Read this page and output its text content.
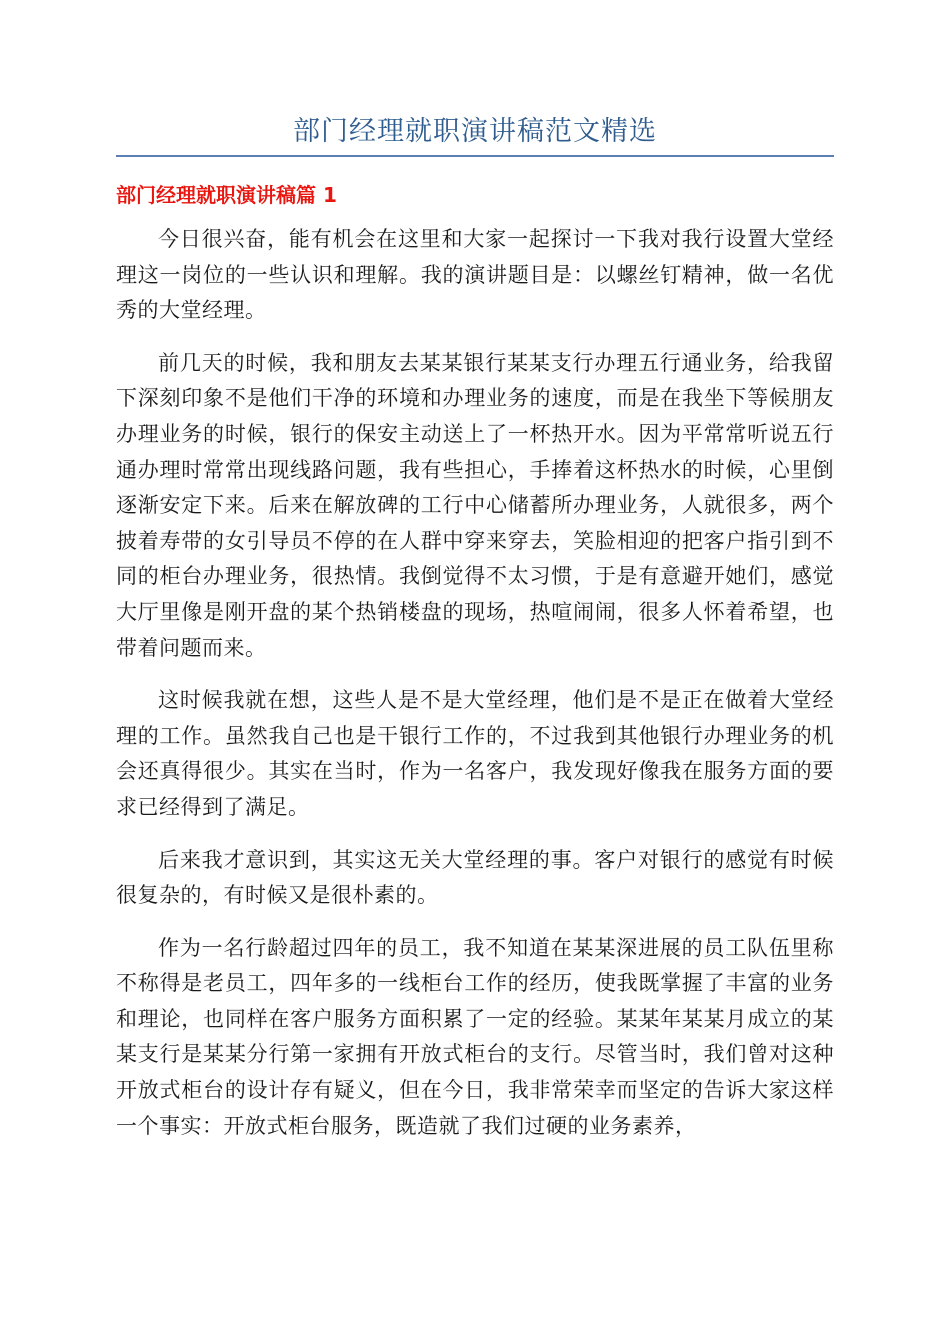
部门经理就职演讲稿范文精选
部门经理就职演讲稿篇 1

今日很兴奋，能有机会在这里和大家一起探讨一下我对我行设置大堂经理这一岗位的一些认识和理解。我的演讲题目是：以螺丝钉精神，做一名优秀的大堂经理。

前几天的时候，我和朋友去某某银行某某支行办理五行通业务，给我留下深刻印象不是他们干净的环境和办理业务的速度，而是在我坐下等候朋友办理业务的时候，银行的保安主动送上了一杯热开水。因为平常常听说五行通办理时常常出现线路问题，我有些担心，手捧着这杯热水的时候，心里倒逐渐安定下来。后来在解放碑的工行中心储蓄所办理业务，人就很多，两个披着寿带的女引导员不停的在人群中穿来穿去，笑脸相迎的把客户指引到不同的柜台办理业务，很热情。我倒觉得不太习惯，于是有意避开她们，感觉大厅里像是刚开盘的某个热销楼盘的现场，热喧闹闹，很多人怀着希望，也带着问题而来。

这时候我就在想，这些人是不是大堂经理，他们是不是正在做着大堂经理的工作。虽然我自己也是干银行工作的，不过我到其他银行办理业务的机会还真得很少。其实在当时，作为一名客户，我发现好像我在服务方面的要求已经得到了满足。

后来我才意识到，其实这无关大堂经理的事。客户对银行的感觉有时候很复杂的，有时候又是很朴素的。

作为一名行龄超过四年的员工，我不知道在某某深进展的员工队伍里称不称得是老员工，四年多的一线柜台工作的经历，使我既掌握了丰富的业务和理论，也同样在客户服务方面积累了一定的经验。某某年某某月成立的某某支行是某某分行第一家拥有开放式柜台的支行。尽管当时，我们曾对这种开放式柜台的设计存有疑义，但在今日，我非常荣幸而坚定的告诉大家这样一个事实：开放式柜台服务，既造就了我们过硬的业务素养，
